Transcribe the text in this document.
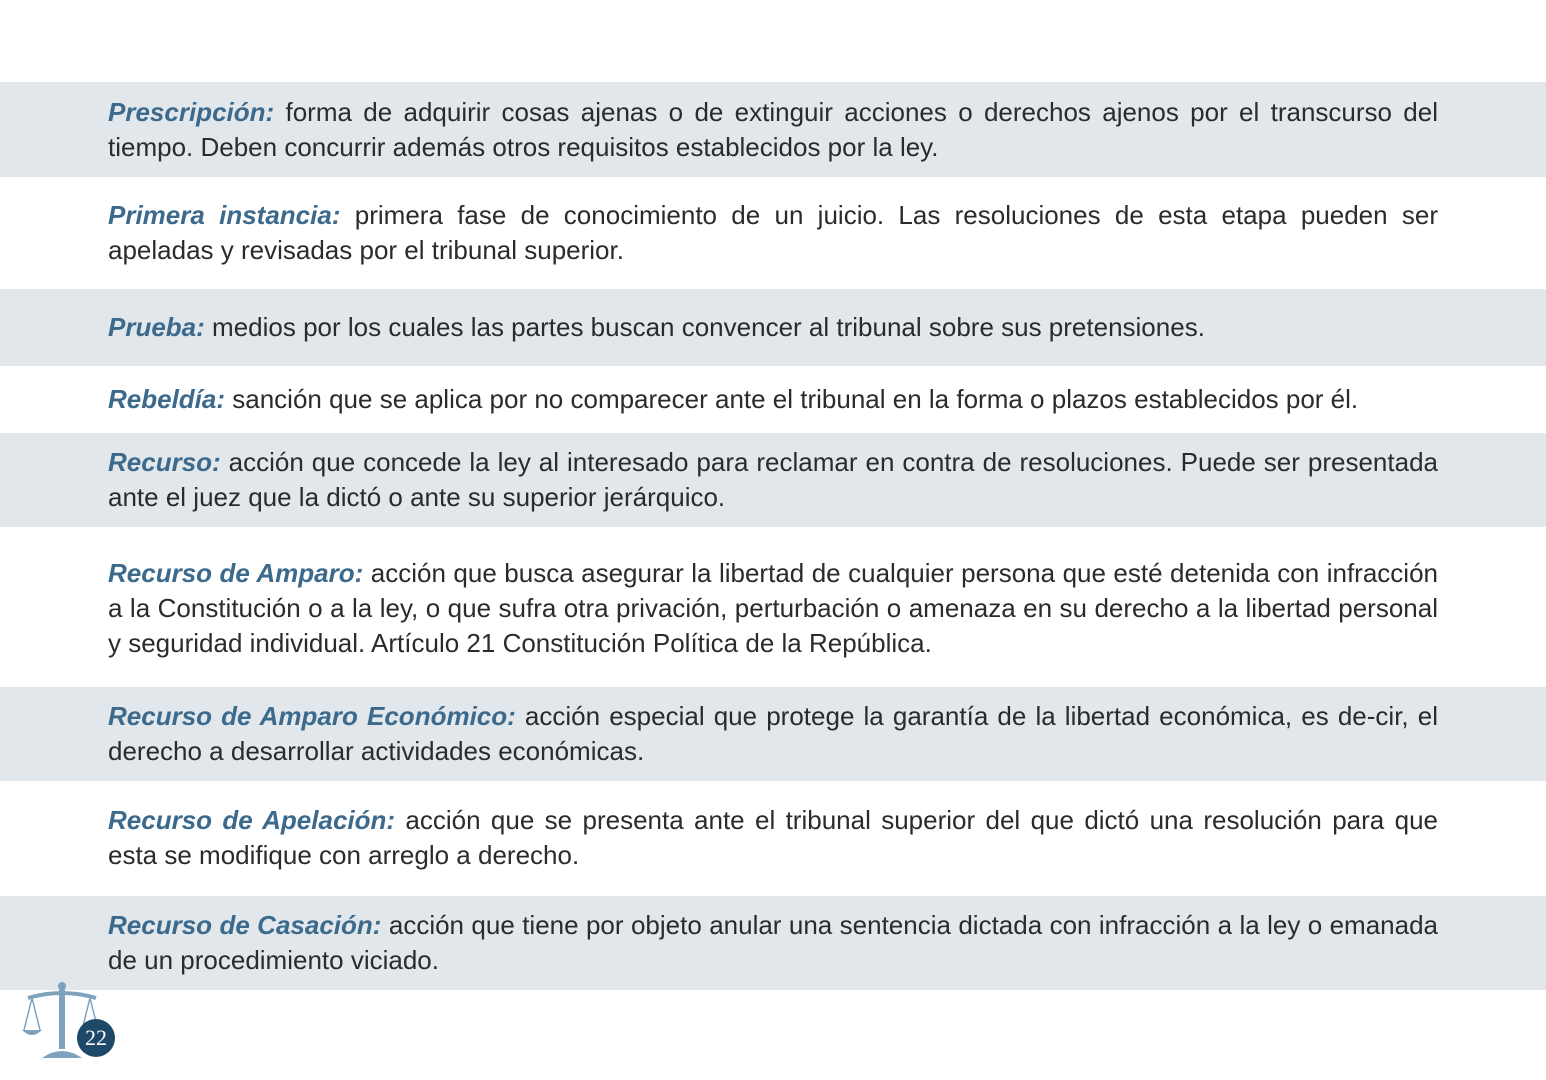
Prescripción: forma de adquirir cosas ajenas o de extinguir acciones o derechos ajenos por el transcurso del tiempo. Deben concurrir además otros requisitos establecidos por la ley.

Primera instancia: primera fase de conocimiento de un juicio. Las resoluciones de esta etapa pueden ser apeladas y revisadas por el tribunal superior.

Prueba: medios por los cuales las partes buscan convencer al tribunal sobre sus pretensiones.

Rebeldía: sanción que se aplica por no comparecer ante el tribunal en la forma o plazos establecidos por él.

Recurso: acción que concede la ley al interesado para reclamar en contra de resoluciones. Puede ser presentada ante el juez que la dictó o ante su superior jerárquico.

Recurso de Amparo: acción que busca asegurar la libertad de cualquier persona que esté detenida con infracción a la Constitución o a la ley, o que sufra otra privación, perturbación o amenaza en su derecho a la libertad personal y seguridad individual. Artículo 21 Constitución Política de la República.

Recurso de Amparo Económico: acción especial que protege la garantía de la libertad económica, es de-cir, el derecho a desarrollar actividades económicas.

Recurso de Apelación: acción que se presenta ante el tribunal superior del que dictó una resolución para que esta se modifique con arreglo a derecho.

Recurso de Casación: acción que tiene por objeto anular una sentencia dictada con infracción a la ley o emanada de un procedimiento viciado.

22
